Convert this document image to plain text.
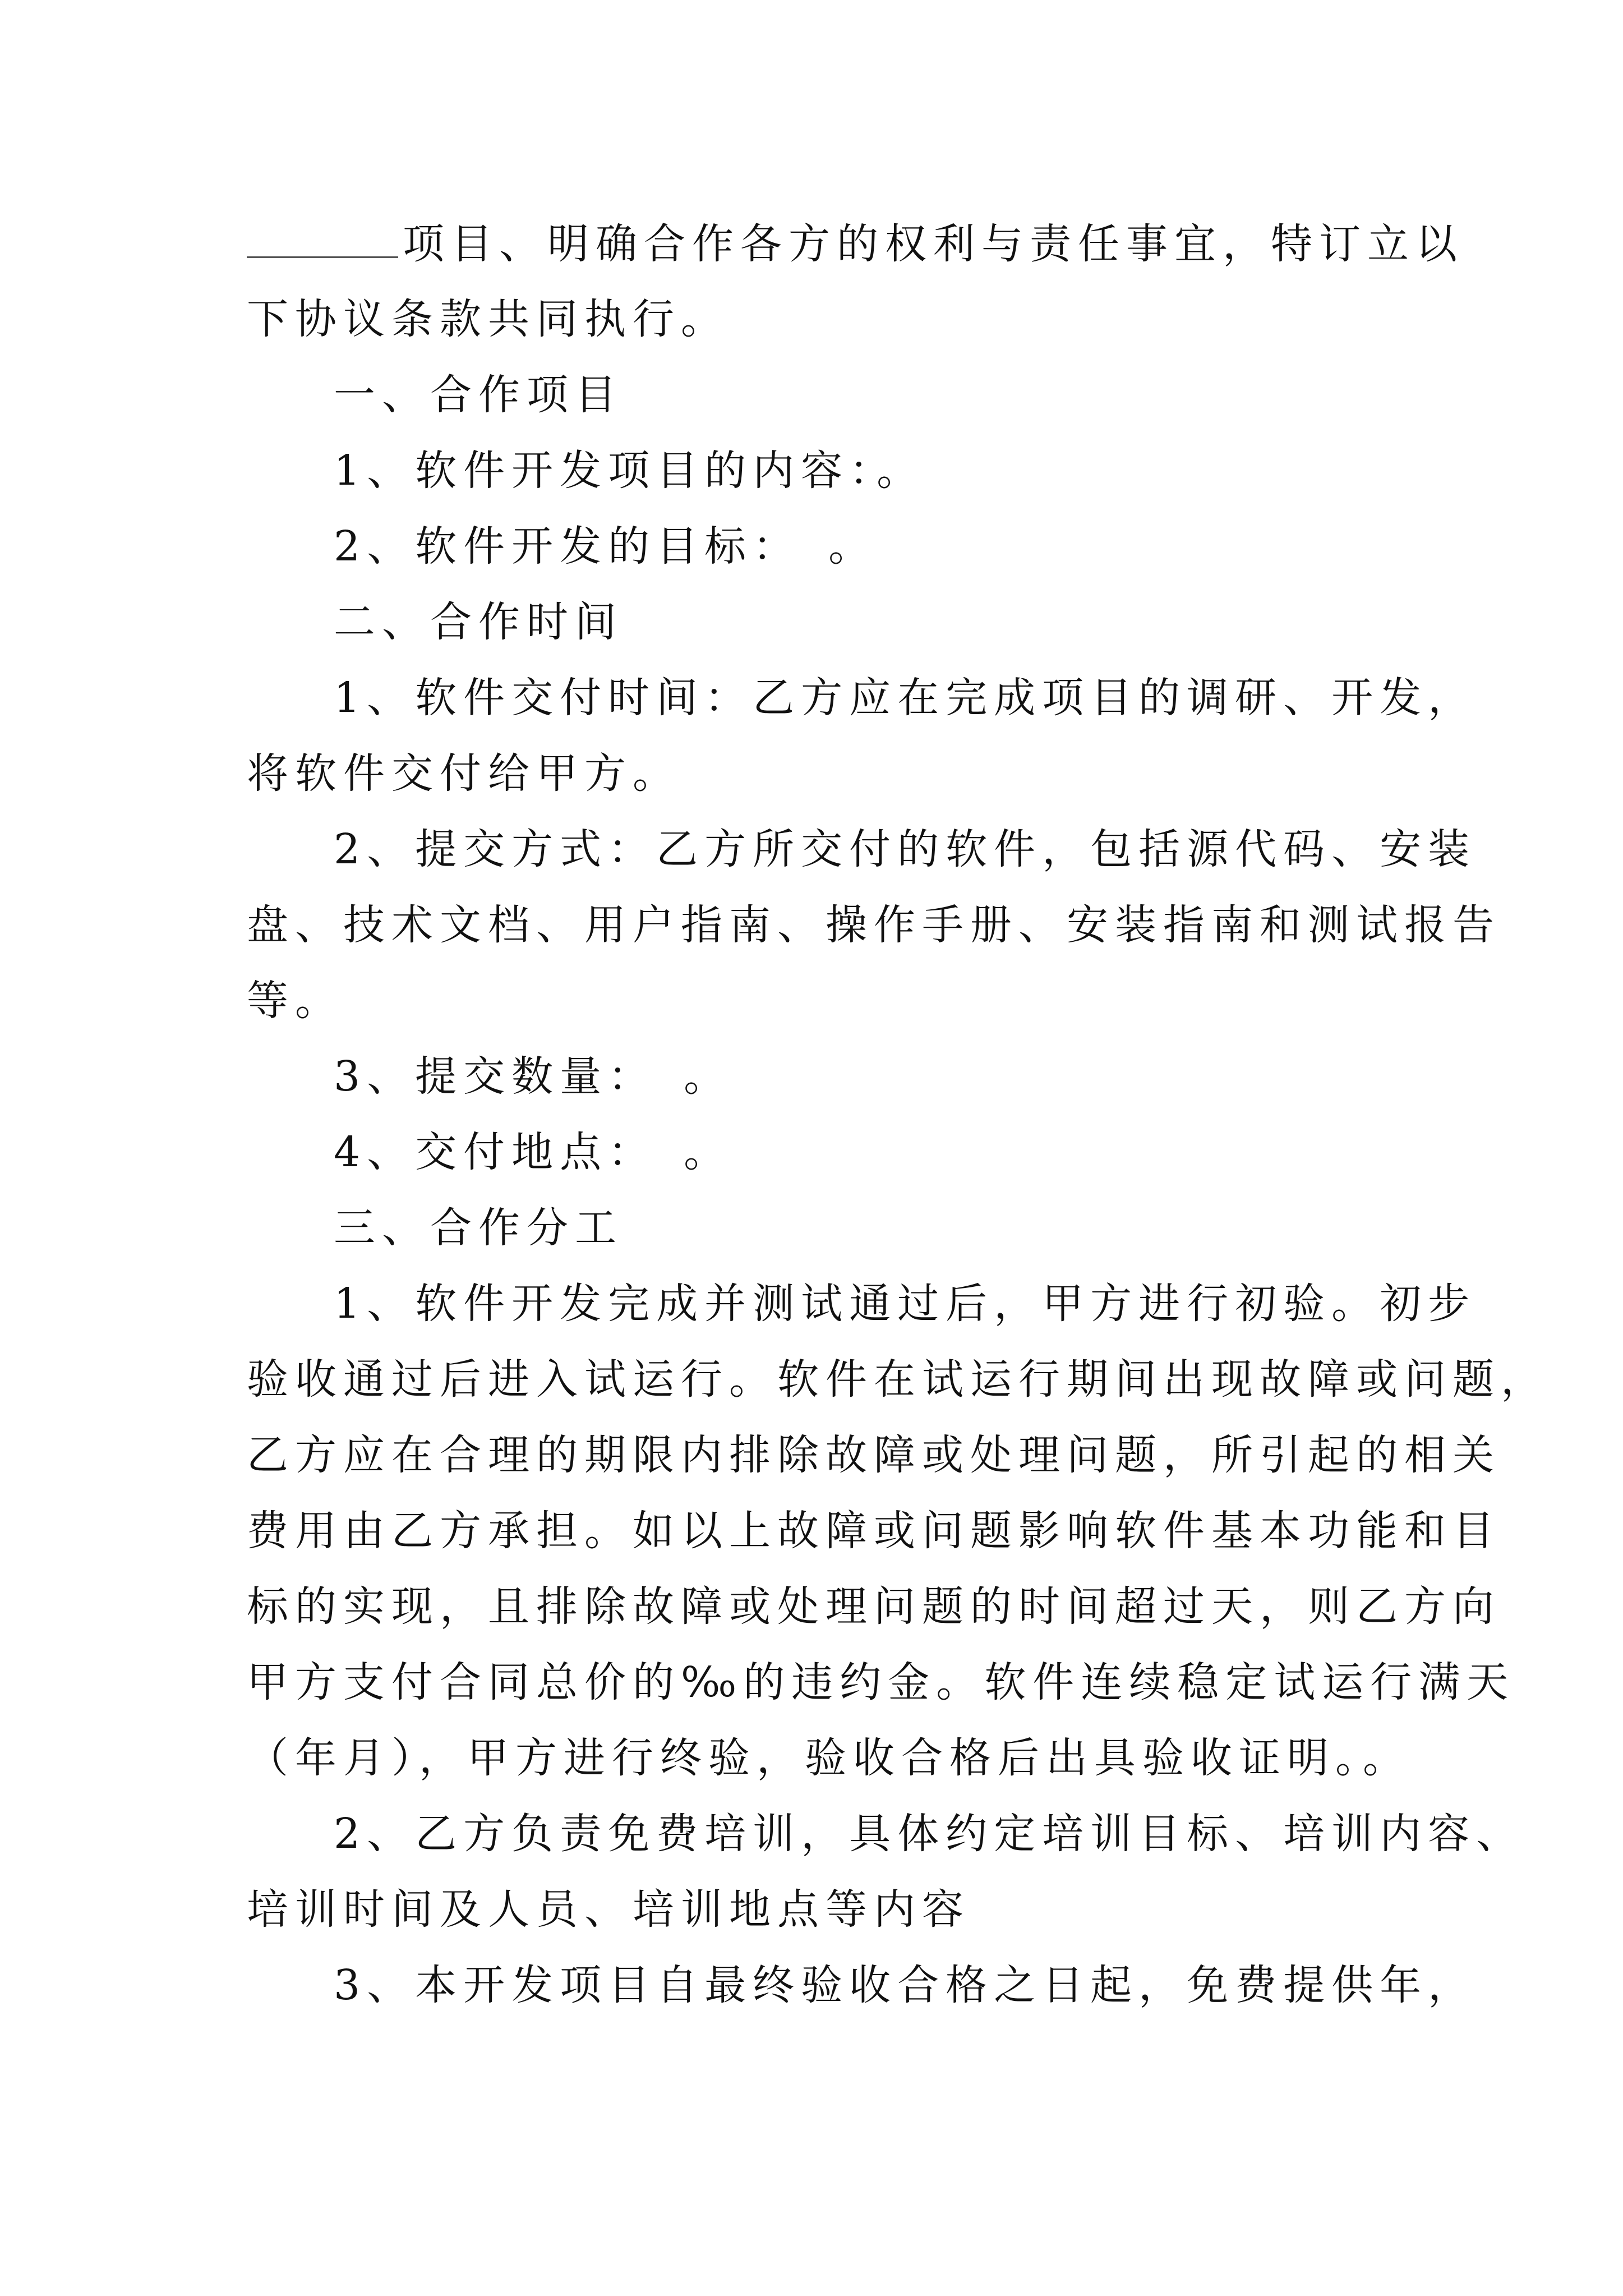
项目、明确合作各方的权利与责任事宜，特订立以
下协议条款共同执行。
一、合作项目
1、软件开发项目的内容：。
2、软件开发的目标：　。
二、合作时间
1、软件交付时间：乙方应在完成项目的调研、开发，
将软件交付给甲方。
2、提交方式：乙方所交付的软件，包括源代码、安装
盘、技术文档、用户指南、操作手册、安装指南和测试报告
等。
3、提交数量：　。
4、交付地点：　。
三、合作分工
1、软件开发完成并测试通过后，甲方进行初验。初步
验收通过后进入试运行。软件在试运行期间出现故障或问题，
乙方应在合理的期限内排除故障或处理问题，所引起的相关
费用由乙方承担。如以上故障或问题影响软件基本功能和目
标的实现，且排除故障或处理问题的时间超过天，则乙方向
甲方支付合同总价的‰的违约金。软件连续稳定试运行满天
（年月），甲方进行终验，验收合格后出具验收证明。。
2、乙方负责免费培训，具体约定培训目标、培训内容、
培训时间及人员、培训地点等内容
3、本开发项目自最终验收合格之日起，免费提供年，
